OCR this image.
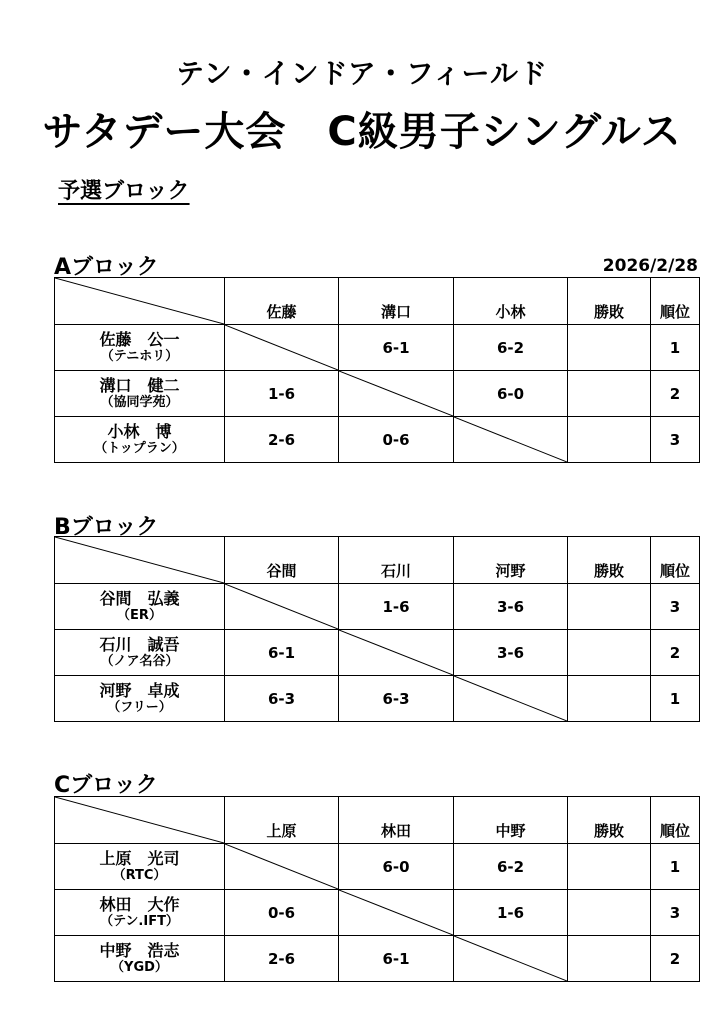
テン・インドア・フィールド
サタデー大会　C級男子シングルス
予選ブロック
Aブロック	2026/2/28
	佐藤	溝口	小林	勝敗	順位

佐藤　公一
（テニホリ）		6-1	6-2		1

溝口　健二
（協同学苑）	1-6		6-0		2

小林　博
（トップラン）	2-6	0-6			3
Bブロック
	谷間	石川	河野	勝敗	順位

谷間　弘義
（ER）		1-6	3-6		3

石川　誠吾
（ノア名谷）	6-1		3-6		2

河野　卓成
（フリー）	6-3	6-3			1
Cブロック
	上原	林田	中野	勝敗	順位

上原　光司
（RTC）		6-0	6-2		1

林田　大作
（テン.IFT）	0-6		1-6		3

中野　浩志
（YGD）	2-6	6-1			2
